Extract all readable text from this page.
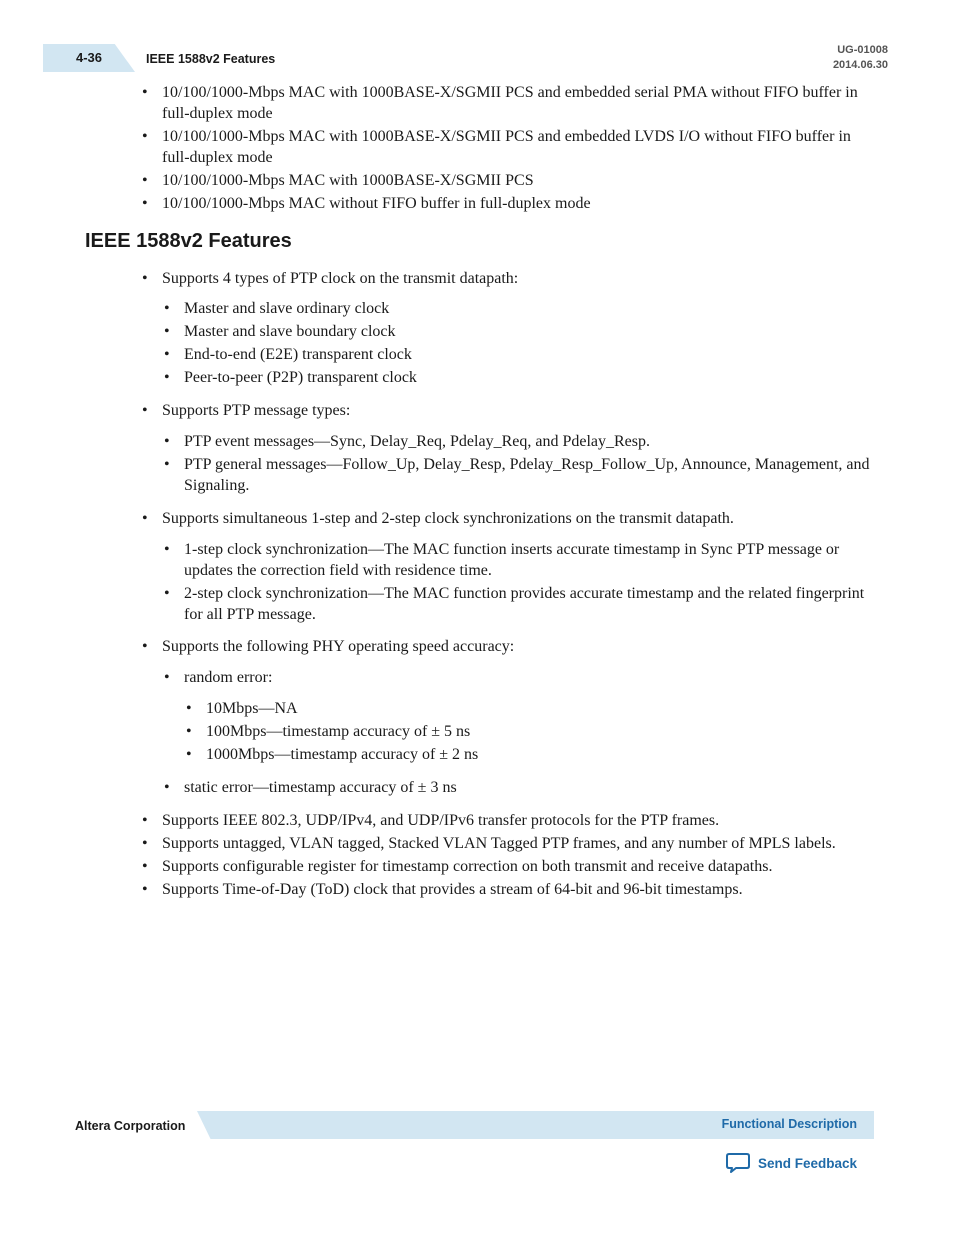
4-36	IEEE 1588v2 Features
UG-01008
2014.06.30
• 10/100/1000-Mbps MAC with 1000BASE-X/SGMII PCS and embedded serial PMA without FIFO buffer in full-duplex mode
• 10/100/1000-Mbps MAC with 1000BASE-X/SGMII PCS and embedded LVDS I/O without FIFO buffer in full-duplex mode
• 10/100/1000-Mbps MAC with 1000BASE-X/SGMII PCS
• 10/100/1000-Mbps MAC without FIFO buffer in full-duplex mode
IEEE 1588v2 Features
• Supports 4 types of PTP clock on the transmit datapath:
• Master and slave ordinary clock
• Master and slave boundary clock
• End-to-end (E2E) transparent clock
• Peer-to-peer (P2P) transparent clock
• Supports PTP message types:
• PTP event messages—Sync, Delay_Req, Pdelay_Req, and Pdelay_Resp.
• PTP general messages—Follow_Up, Delay_Resp, Pdelay_Resp_Follow_Up, Announce, Management, and Signaling.
• Supports simultaneous 1-step and 2-step clock synchronizations on the transmit datapath.
• 1-step clock synchronization—The MAC function inserts accurate timestamp in Sync PTP message or updates the correction field with residence time.
• 2-step clock synchronization—The MAC function provides accurate timestamp and the related fingerprint for all PTP message.
• Supports the following PHY operating speed accuracy:
• random error:
• 10Mbps—NA
• 100Mbps—timestamp accuracy of ± 5 ns
• 1000Mbps—timestamp accuracy of ± 2 ns
• static error—timestamp accuracy of ± 3 ns
• Supports IEEE 802.3, UDP/IPv4, and UDP/IPv6 transfer protocols for the PTP frames.
• Supports untagged, VLAN tagged, Stacked VLAN Tagged PTP frames, and any number of MPLS labels.
• Supports configurable register for timestamp correction on both transmit and receive datapaths.
• Supports Time-of-Day (ToD) clock that provides a stream of 64-bit and 96-bit timestamps.
Altera Corporation	Functional Description
Send Feedback
